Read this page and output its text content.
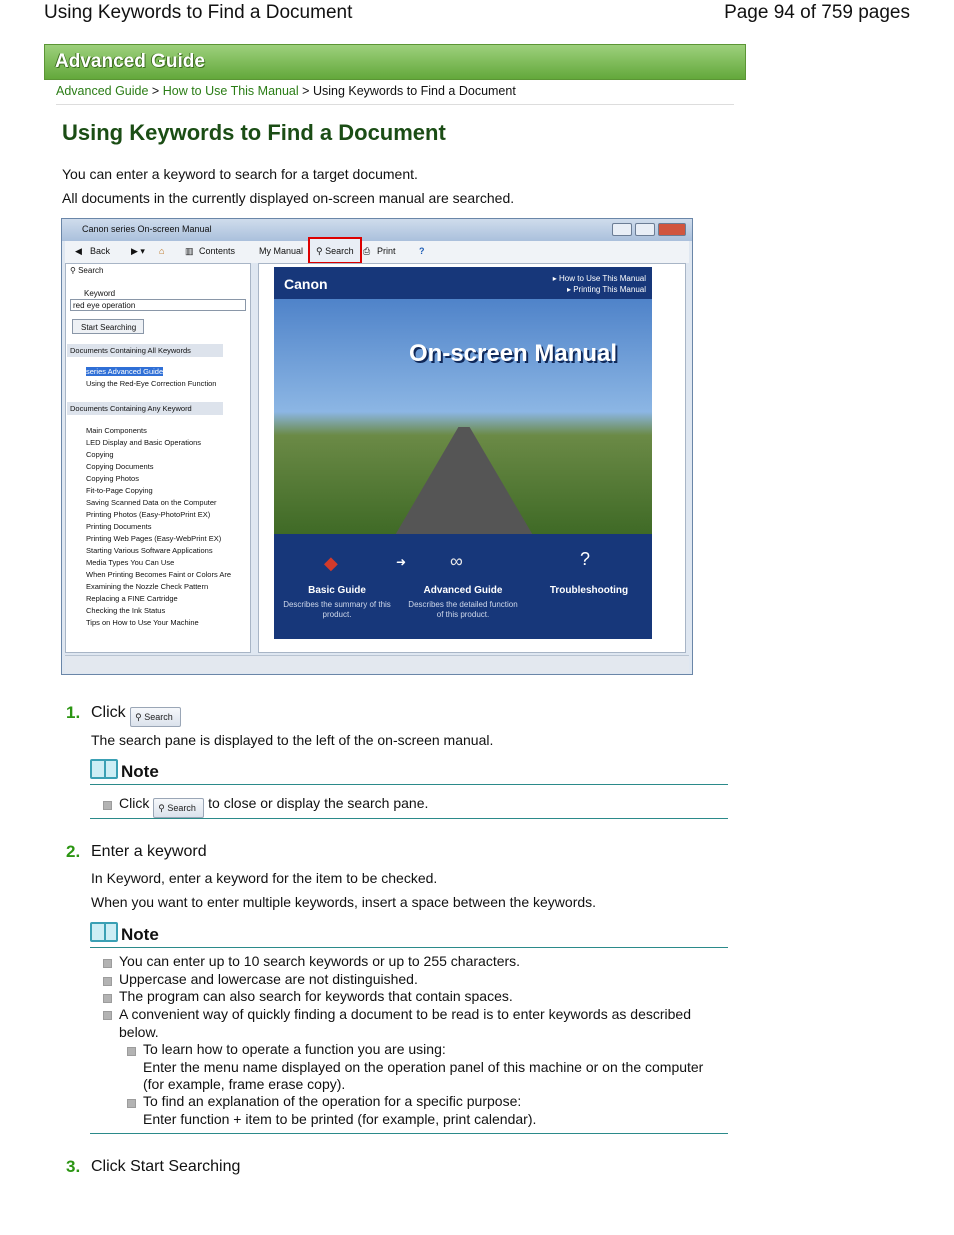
Using Keywords to Find a Document	Page 94 of 759 pages
Advanced Guide
Advanced Guide > How to Use This Manual > Using Keywords to Find a Document
Using Keywords to Find a Document

You can enter a keyword to search for a target document.

All documents in the currently displayed on-screen manual are searched.

Canon series On-screen Manual
◀ Back ▶ ▾ ⌂ ▥ Contents	My Manual	⚲ Search	⎙ Print	?
⚲ Search
Keyword
red eye operation
Start Searching
Documents Containing All Keywords
series Advanced Guide
Using the Red-Eye Correction Function
Documents Containing Any Keyword
Main Components
LED Display and Basic Operations
Copying
Copying Documents
Copying Photos
Fit-to-Page Copying
Saving Scanned Data on the Computer
Printing Photos (Easy-PhotoPrint EX)
Printing Documents
Printing Web Pages (Easy-WebPrint EX)
Starting Various Software Applications
Media Types You Can Use
When Printing Becomes Faint or Colors Are
Examining the Nozzle Check Pattern
Replacing a FINE Cartridge
Checking the Ink Status
Tips on How to Use Your Machine
Canon	▸ How to Use This Manual
▸ Printing This Manual
On-screen Manual
◆	➜ ∞	?
Basic Guide
Describes the summary of this product.
Advanced Guide
Describes the detailed function of this product.
Troubleshooting
1. Click ⚲ Search

The search pane is displayed to the left of the on-screen manual.

Note
Click ⚲ Search to close or display the search pane.
2. Enter a keyword

In Keyword, enter a keyword for the item to be checked.

When you want to enter multiple keywords, insert a space between the keywords.

Note
You can enter up to 10 search keywords or up to 255 characters.
Uppercase and lowercase are not distinguished.
The program can also search for keywords that contain spaces.
A convenient way of quickly finding a document to be read is to enter keywords as described below.
To learn how to operate a function you are using:
Enter the menu name displayed on the operation panel of this machine or on the computer (for example, frame erase copy).
To find an explanation of the operation for a specific purpose:
Enter function + item to be printed (for example, print calendar).
3. Click Start Searching
